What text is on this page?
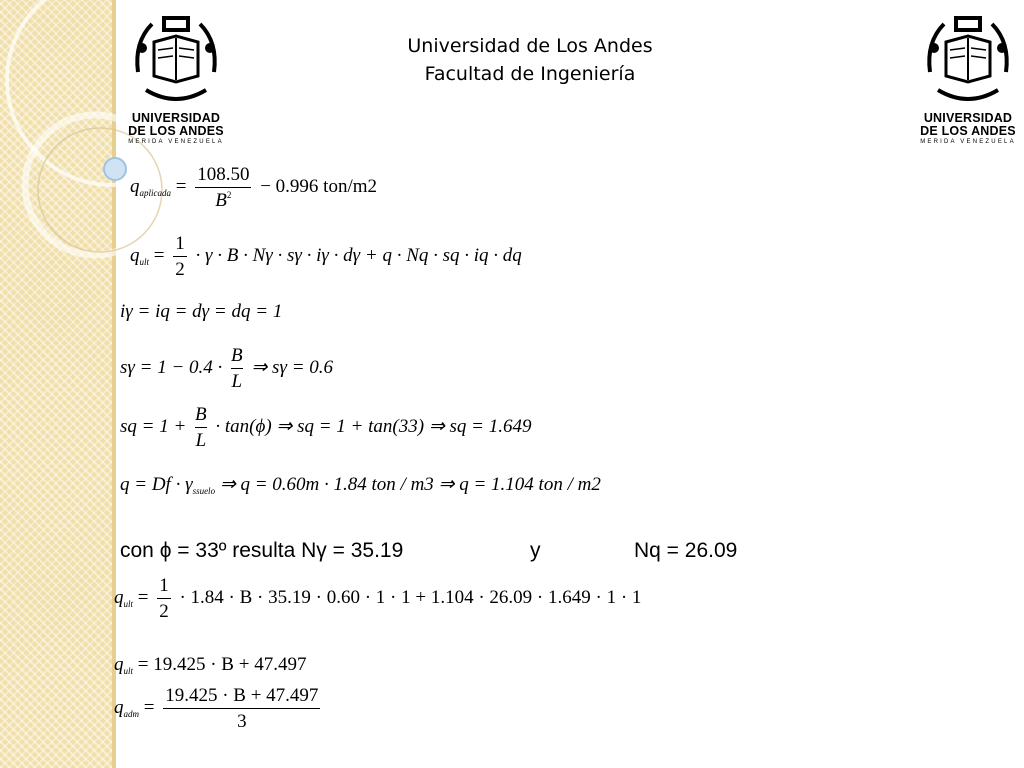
UNIVERSIDAD
DE LOS ANDES
MERIDA VENEZUELA
UNIVERSIDAD
DE LOS ANDES
MERIDA VENEZUELA
Universidad de Los Andes
Facultad de Ingeniería
$q_{aplicada} = \frac{108.50}{B^2} - 0.996$ ton/m2
$q_{ult} = \frac{1}{2} \cdot \gamma \cdot B \cdot N\gamma \cdot s\gamma \cdot i\gamma \cdot d\gamma + q \cdot Nq$ · sq · iq · dq
iγ = iq = dγ = dq = 1
$s\gamma = 1 - 0.4 \cdot \frac{B}{L}$ ⇒ sγ = 0.6
sq = $1 + \frac{B}{L} \cdot \tan(\phi)$ ⇒ sq = 1 + tan(33) ⇒ sq = 1.649
$q = Df \cdot \gamma_{ssuelo}$ ⇒ q = 0.60m · 1.84 ton / m3 ⇒ q = 1.104 ton / m2
con ϕ = 33º resulta Nγ = 35.19	y	Nq = 26.09
$q_{ult} = \frac{1}{2} \cdot 1.84 \cdot B \cdot 35.19 \cdot 0.60 \cdot 1 \cdot 1 + 1.104 \cdot 26.09 \cdot 1.649 \cdot 1 \cdot 1$
$q_{ult} = 19.425 \cdot B + 47.497$
$q_{adm} = \frac{19.425 \cdot B + 47.497}{3}$
